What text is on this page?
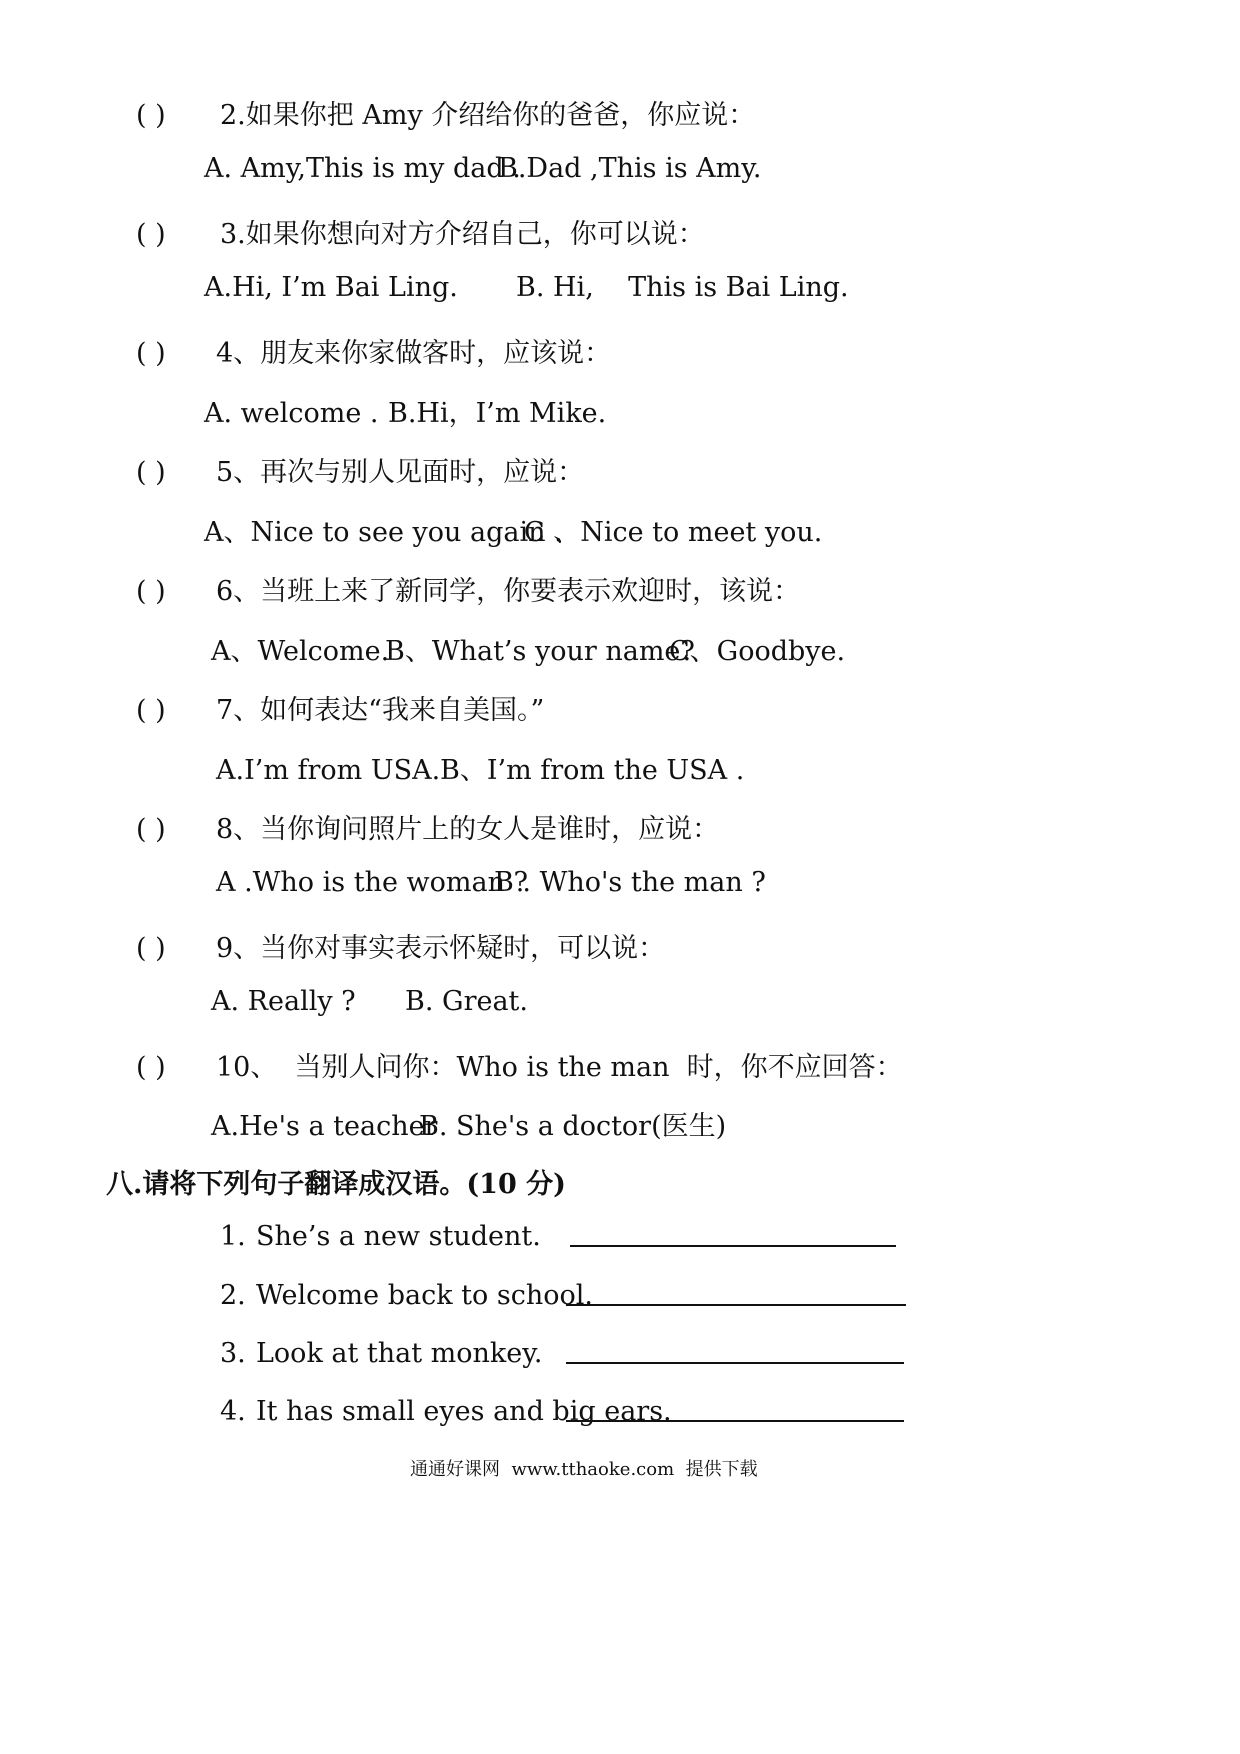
( ) 2.如果你把 Amy 介绍给你的爸爸，你应说：
A. Amy,This is my dad .B.Dad ,This is Amy.
( ) 3.如果你想向对方介绍自己，你可以说：
A.Hi, I’m Bai Ling. B. Hi,    This is Bai Ling.
( ) 4、朋友来你家做客时，应该说：
A. welcome . B.Hi，I’m Mike.
( ) 5、再次与别人见面时，应说：
A、Nice to see you again .C 、Nice to meet you.
( ) 6、当班上来了新同学，你要表示欢迎时，该说：
A、Welcome.B、What’s your name?C、Goodbye.
( ) 7、如何表达“我来自美国。”
A.I’m from USA.B、I’m from the USA .
( ) 8、当你询问照片上的女人是谁时，应说：
A .Who is the woman ?B . Who's the man ?
( ) 9、当你对事实表示怀疑时，可以说：
A. Really ? B. Great.
( ) 10、  当别人问你：Who is the man  时，你不应回答：
A.He's a teacherB. She's a doctor(医生)
八.请将下列句子翻译成汉语。(10 分)
1. She’s a new student.
2. Welcome back to school.
3. Look at that monkey.
4. It has small eyes and big ears.
通通好课网  www.tthaoke.com  提供下载
